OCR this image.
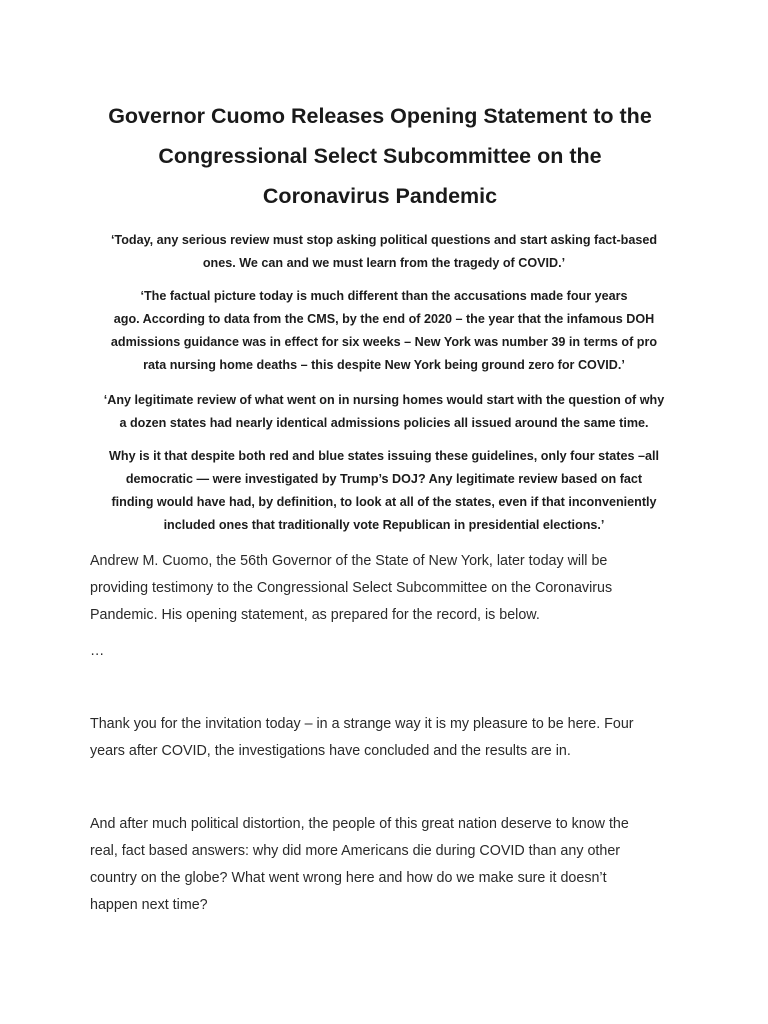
Governor Cuomo Releases Opening Statement to the
Congressional Select Subcommittee on the
Coronavirus Pandemic

‘Today, any serious review must stop asking political questions and start asking fact-based
ones. We can and we must learn from the tragedy of COVID.’

‘The factual picture today is much different than the accusations made four years
ago. According to data from the CMS, by the end of 2020 – the year that the infamous DOH
admissions guidance was in effect for six weeks – New York was number 39 in terms of pro
rata nursing home deaths – this despite New York being ground zero for COVID.’

‘Any legitimate review of what went on in nursing homes would start with the question of why
a dozen states had nearly identical admissions policies all issued around the same time.

Why is it that despite both red and blue states issuing these guidelines, only four states –all
democratic — were investigated by Trump’s DOJ? Any legitimate review based on fact
finding would have had, by definition, to look at all of the states, even if that inconveniently
included ones that traditionally vote Republican in presidential elections.’

Andrew M. Cuomo, the 56th Governor of the State of New York, later today will be
providing testimony to the Congressional Select Subcommittee on the Coronavirus
Pandemic. His opening statement, as prepared for the record, is below.

…

Thank you for the invitation today – in a strange way it is my pleasure to be here. Four
years after COVID, the investigations have concluded and the results are in.

And after much political distortion, the people of this great nation deserve to know the
real, fact based answers: why did more Americans die during COVID than any other
country on the globe? What went wrong here and how do we make sure it doesn’t
happen next time?
